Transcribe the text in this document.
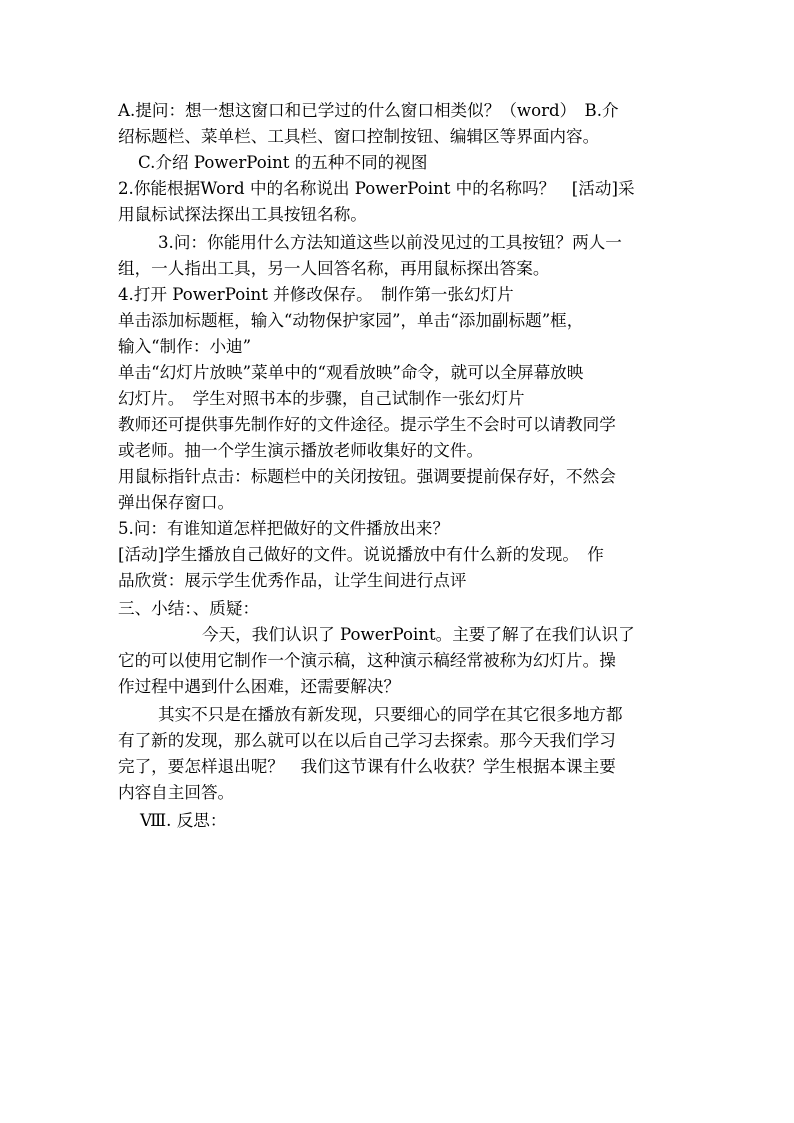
A.提问：想一想这窗口和已学过的什么窗口相类似？（word）　B.介
绍标题栏、菜单栏、工具栏、窗口控制按钮、编辑区等界面内容。
C.介绍 PowerPoint 的五种不同的视图
2.你能根据Word 中的名称说出 PowerPoint 中的名称吗？　[活动]采
用鼠标试探法探出工具按钮名称。
3.问：你能用什么方法知道这些以前没见过的工具按钮？两人一
组，一人指出工具，另一人回答名称，再用鼠标探出答案。
4.打开 PowerPoint 并修改保存。　制作第一张幻灯片
单击添加标题框，输入“动物保护家园”，单击“添加副标题”框，
输入“制作：小迪”
单击“幻灯片放映”菜单中的“观看放映”命令，就可以全屏幕放映
幻灯片。　学生对照书本的步骤，自己试制作一张幻灯片
教师还可提供事先制作好的文件途径。提示学生不会时可以请教同学
或老师。抽一个学生演示播放老师收集好的文件。
用鼠标指针点击：标题栏中的关闭按钮。强调要提前保存好，不然会
弹出保存窗口。
5.问：有谁知道怎样把做好的文件播放出来？
[活动]学生播放自己做好的文件。说说播放中有什么新的发现。　作
品欣赏：展示学生优秀作品，让学生间进行点评
三、小结：、质疑：
今天，我们认识了 PowerPoint。主要了解了在我们认识了
它的可以使用它制作一个演示稿，这种演示稿经常被称为幻灯片。操
作过程中遇到什么困难，还需要解决？
其实不只是在播放有新发现，只要细心的同学在其它很多地方都
有了新的发现，那么就可以在以后自己学习去探索。那今天我们学习
完了，要怎样退出呢？　我们这节课有什么收获？学生根据本课主要
内容自主回答。
Ⅷ. 反思：
